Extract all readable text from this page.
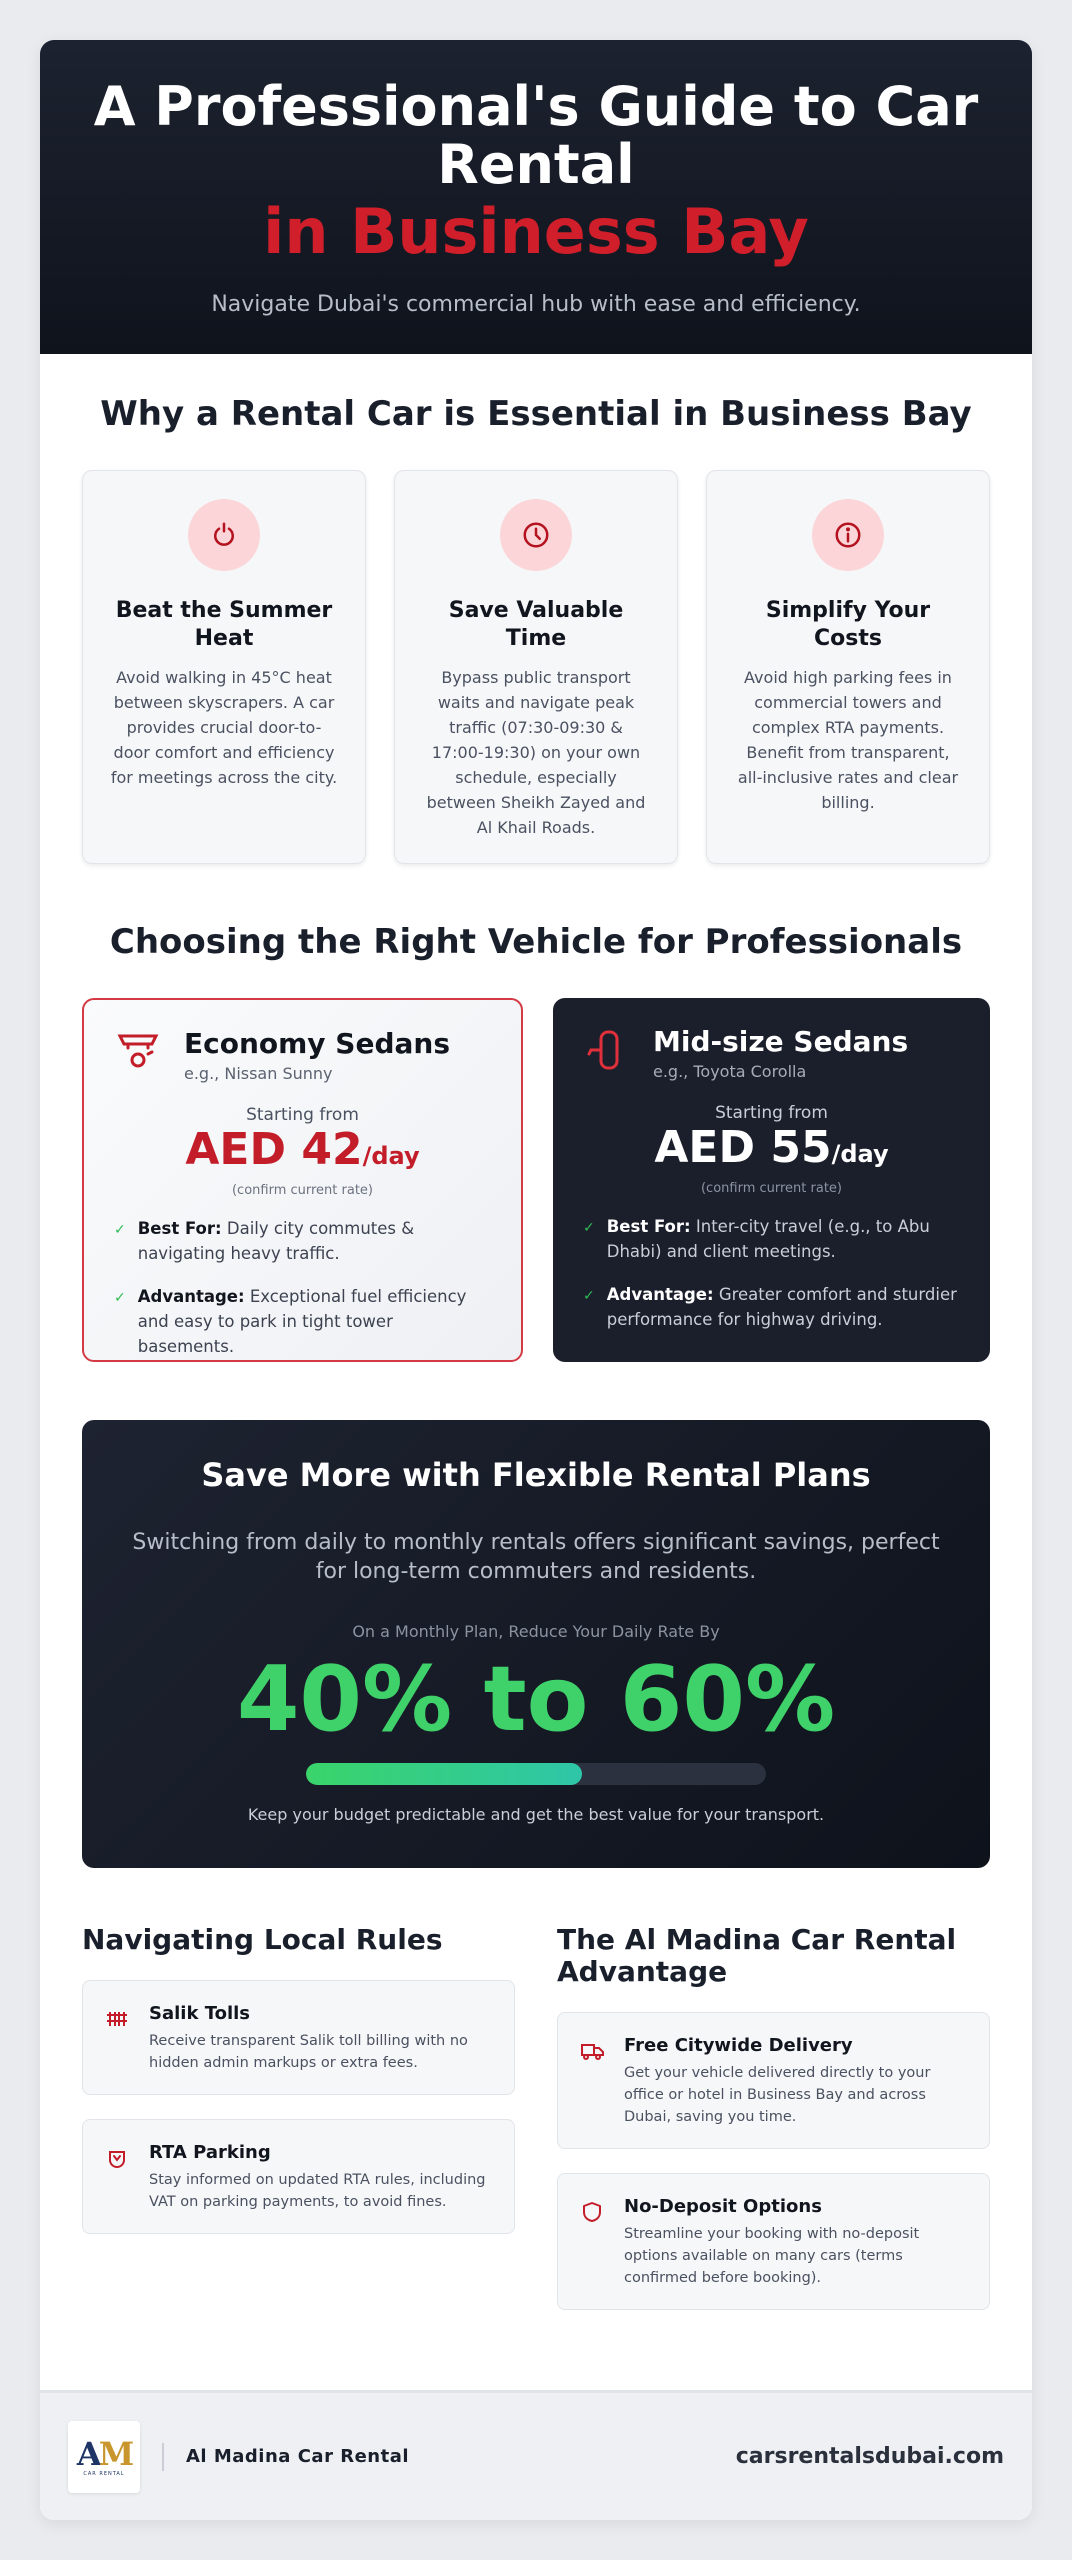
A Professional's Guide to Car Rental
in Business Bay

Navigate Dubai's commercial hub with ease and efficiency.

Why a Rental Car is Essential in Business Bay
Beat the Summer Heat

Avoid walking in 45°C heat between skyscrapers. A car provides crucial door-to-door comfort and efficiency for meetings across the city.

Save Valuable Time

Bypass public transport waits and navigate peak traffic (07:30-09:30 & 17:00-19:30) on your own schedule, especially between Sheikh Zayed and Al Khail Roads.

Simplify Your Costs

Avoid high parking fees in commercial towers and complex RTA payments. Benefit from transparent, all-inclusive rates and clear billing.

Choosing the Right Vehicle for Professionals
Economy Sedans
e.g., Nissan Sunny
Starting from
AED 42/day
(confirm current rate)
✓ Best For: Daily city commutes & navigating heavy traffic.
✓ Advantage: Exceptional fuel efficiency and easy to park in tight tower basements.
Mid-size Sedans
e.g., Toyota Corolla
Starting from
AED 55/day
(confirm current rate)
✓ Best For: Inter-city travel (e.g., to Abu Dhabi) and client meetings.
✓ Advantage: Greater comfort and sturdier performance for highway driving.
Save More with Flexible Rental Plans

Switching from daily to monthly rentals offers significant savings, perfect for long-term commuters and residents.

On a Monthly Plan, Reduce Your Daily Rate By
40% to 60%
Keep your budget predictable and get the best value for your transport.
Navigating Local Rules
Salik Tolls

Receive transparent Salik toll billing with no hidden admin markups or extra fees.

RTA Parking

Stay informed on updated RTA rules, including VAT on parking payments, to avoid fines.

The Al Madina Car Rental Advantage
Free Citywide Delivery

Get your vehicle delivered directly to your office or hotel in Business Bay and across Dubai, saving you time.

No-Deposit Options

Streamline your booking with no-deposit options available on many cars (terms confirmed before booking).

AM
CAR RENTAL
Al Madina Car Rental	carsrentalsdubai.com
